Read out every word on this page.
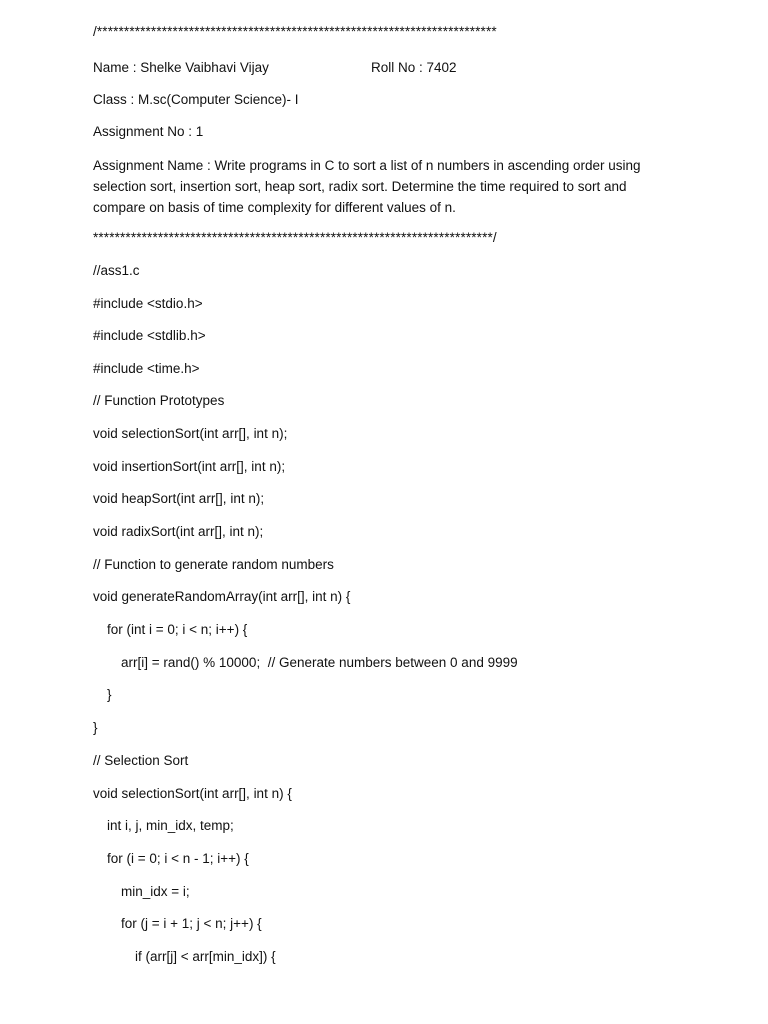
/**************************************************************************
Name : Shelke Vaibhavi Vijay	Roll No : 7402
Class : M.sc(Computer Science)- I
Assignment No : 1
Assignment Name : Write programs in C to sort a list of n numbers in ascending order using selection sort, insertion sort, heap sort, radix sort. Determine the time required to sort and compare on basis of time complexity for different values of n.
**************************************************************************/
//ass1.c
#include <stdio.h>
#include <stdlib.h>
#include <time.h>
// Function Prototypes
void selectionSort(int arr[], int n);
void insertionSort(int arr[], int n);
void heapSort(int arr[], int n);
void radixSort(int arr[], int n);
// Function to generate random numbers
void generateRandomArray(int arr[], int n) {
for (int i = 0; i < n; i++) {
arr[i] = rand() % 10000;  // Generate numbers between 0 and 9999
}
}
// Selection Sort
void selectionSort(int arr[], int n) {
int i, j, min_idx, temp;
for (i = 0; i < n - 1; i++) {
min_idx = i;
for (j = i + 1; j < n; j++) {
if (arr[j] < arr[min_idx]) {
